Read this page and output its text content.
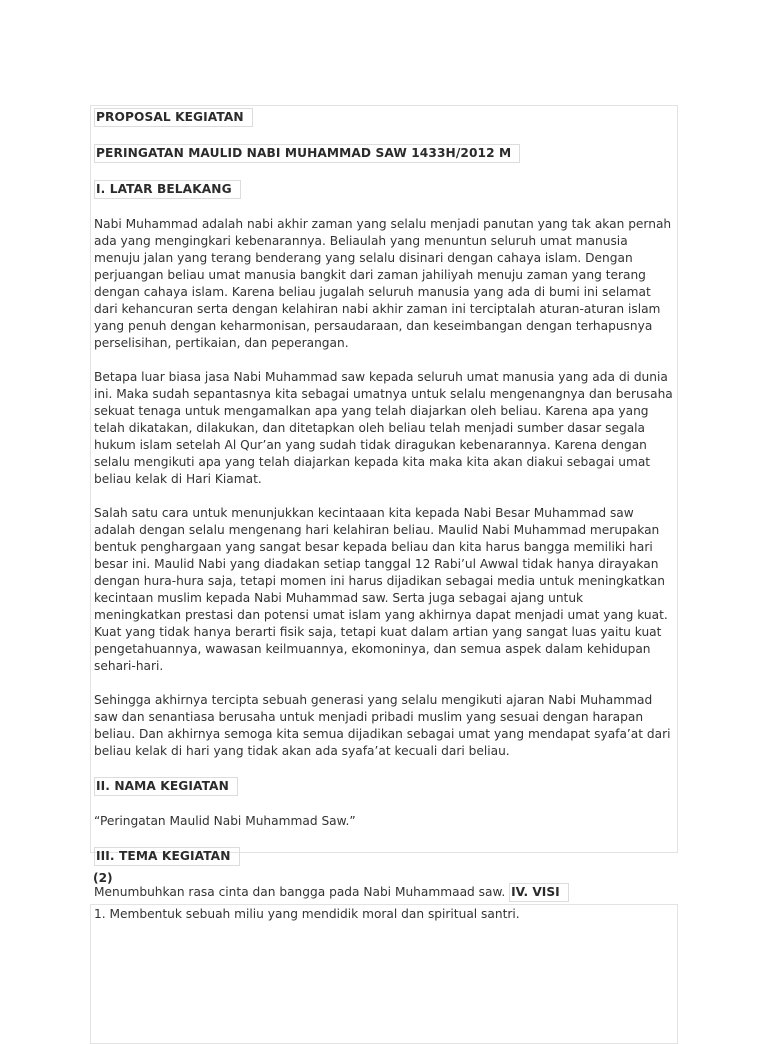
PROPOSAL KEGIATAN
PERINGATAN MAULID NABI MUHAMMAD SAW 1433H/2012 M
I. LATAR BELAKANG

Nabi Muhammad adalah nabi akhir zaman yang selalu menjadi panutan yang tak akan pernah ada yang mengingkari kebenarannya. Beliaulah yang menuntun seluruh umat manusia menuju jalan yang terang benderang yang selalu disinari dengan cahaya islam. Dengan perjuangan beliau umat manusia bangkit dari zaman jahiliyah menuju zaman yang terang dengan cahaya islam. Karena beliau jugalah seluruh manusia yang ada di bumi ini selamat dari kehancuran serta dengan kelahiran nabi akhir zaman ini terciptalah aturan-aturan islam yang penuh dengan keharmonisan, persaudaraan, dan keseimbangan dengan terhapusnya perselisihan, pertikaian, dan peperangan.

Betapa luar biasa jasa Nabi Muhammad saw kepada seluruh umat manusia yang ada di dunia ini. Maka sudah sepantasnya kita sebagai umatnya untuk selalu mengenangnya dan berusaha sekuat tenaga untuk mengamalkan apa yang telah diajarkan oleh beliau. Karena apa yang telah dikatakan, dilakukan, dan ditetapkan oleh beliau telah menjadi sumber dasar segala hukum islam setelah Al Qur’an yang sudah tidak diragukan kebenarannya. Karena dengan selalu mengikuti apa yang telah diajarkan kepada kita maka kita akan diakui sebagai umat beliau kelak di Hari Kiamat.

Salah satu cara untuk menunjukkan kecintaaan kita kepada Nabi Besar Muhammad saw adalah dengan selalu mengenang hari kelahiran beliau. Maulid Nabi Muhammad merupakan bentuk penghargaan yang sangat besar kepada beliau dan kita harus bangga memiliki hari besar ini. Maulid Nabi yang diadakan setiap tanggal 12 Rabi’ul Awwal tidak hanya dirayakan dengan hura-hura saja, tetapi momen ini harus dijadikan sebagai media untuk meningkatkan kecintaan muslim kepada Nabi Muhammad saw. Serta juga sebagai ajang untuk meningkatkan prestasi dan potensi umat islam yang akhirnya dapat menjadi umat yang kuat. Kuat yang tidak hanya berarti fisik saja, tetapi kuat dalam artian yang sangat luas yaitu kuat pengetahuannya, wawasan keilmuannya, ekomoninya, dan semua aspek dalam kehidupan sehari-hari.

Sehingga akhirnya tercipta sebuah generasi yang selalu mengikuti ajaran Nabi Muhammad saw dan senantiasa berusaha untuk menjadi pribadi muslim yang sesuai dengan harapan beliau. Dan akhirnya semoga kita semua dijadikan sebagai umat yang mendapat syafa’at dari beliau kelak di hari yang tidak akan ada syafa’at kecuali dari beliau.

II. NAMA KEGIATAN

“Peringatan Maulid Nabi Muhammad Saw.”

III. TEMA KEGIATAN

Menumbuhkan rasa cinta dan bangga pada Nabi Muhammaad saw. IV. VISI

(2)

1. Membentuk sebuah miliu yang mendidik moral dan spiritual santri.
